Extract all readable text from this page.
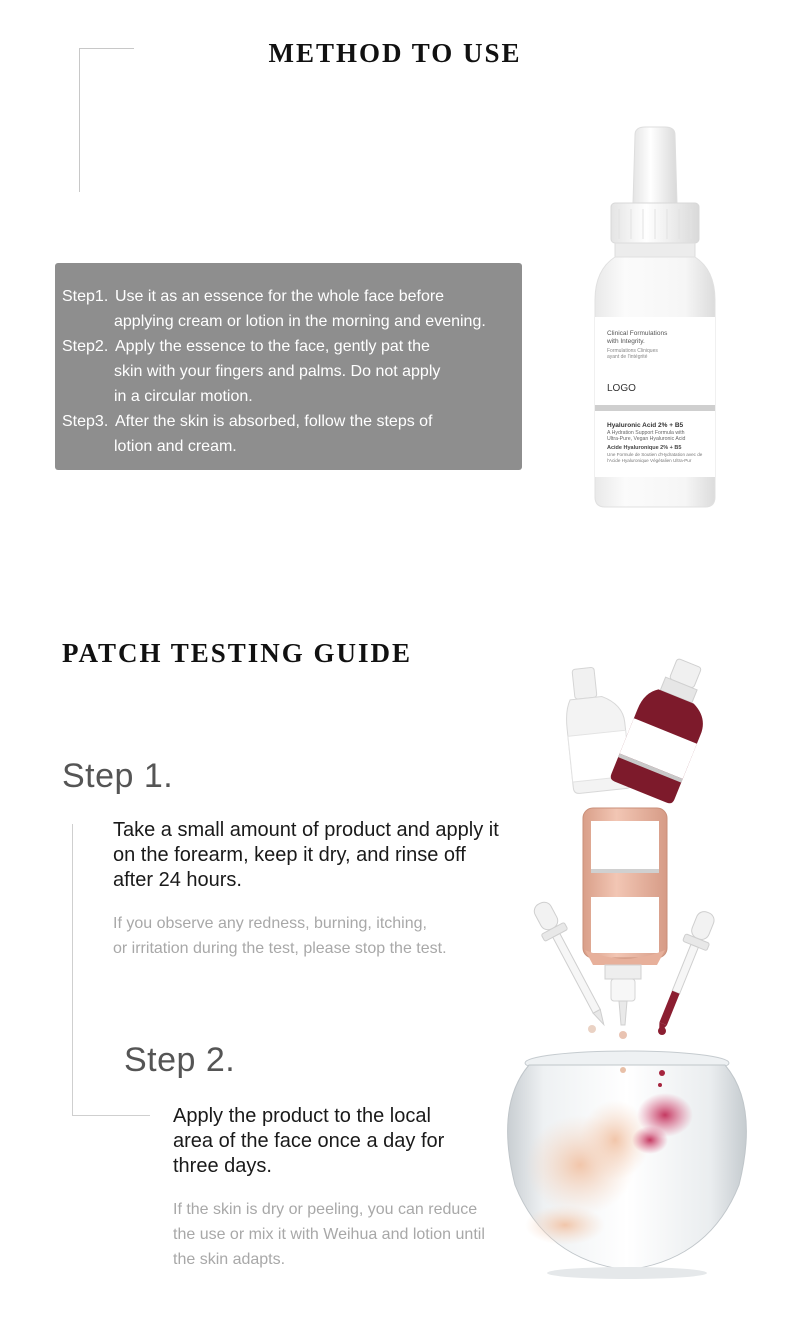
METHOD TO USE
Step1. Use it as an essence for the whole face before
applying cream or lotion in the morning and evening.
Step2. Apply the essence to the face, gently pat the
skin with your fingers and palms. Do not apply
in a circular motion.
Step3. After the skin is absorbed, follow the steps of
lotion and cream.
Clinical Formulations
with Integrity.
Formulations Cliniques
ayant de l'intégrité
LOGO
Hyaluronic Acid 2% + B5
A Hydration Support Formula with
Ultra-Pure, Vegan Hyaluronic Acid
Acide Hyaluronique 2% + B5
Une Formule de Soutien d'Hydratation avec de
l'Acide Hyaluronique Végétalien Ultra-Pur
PATCH TESTING GUIDE
Step 1.
Take a small amount of product and apply it
on the forearm, keep it dry, and rinse off
after 24 hours.
If you observe any redness, burning, itching,
or irritation during the test, please stop the test.
Step 2.
Apply the product to the local
area of the face once a day for
three days.
If the skin is dry or peeling, you can reduce
the use or mix it with Weihua and lotion until
the skin adapts.
